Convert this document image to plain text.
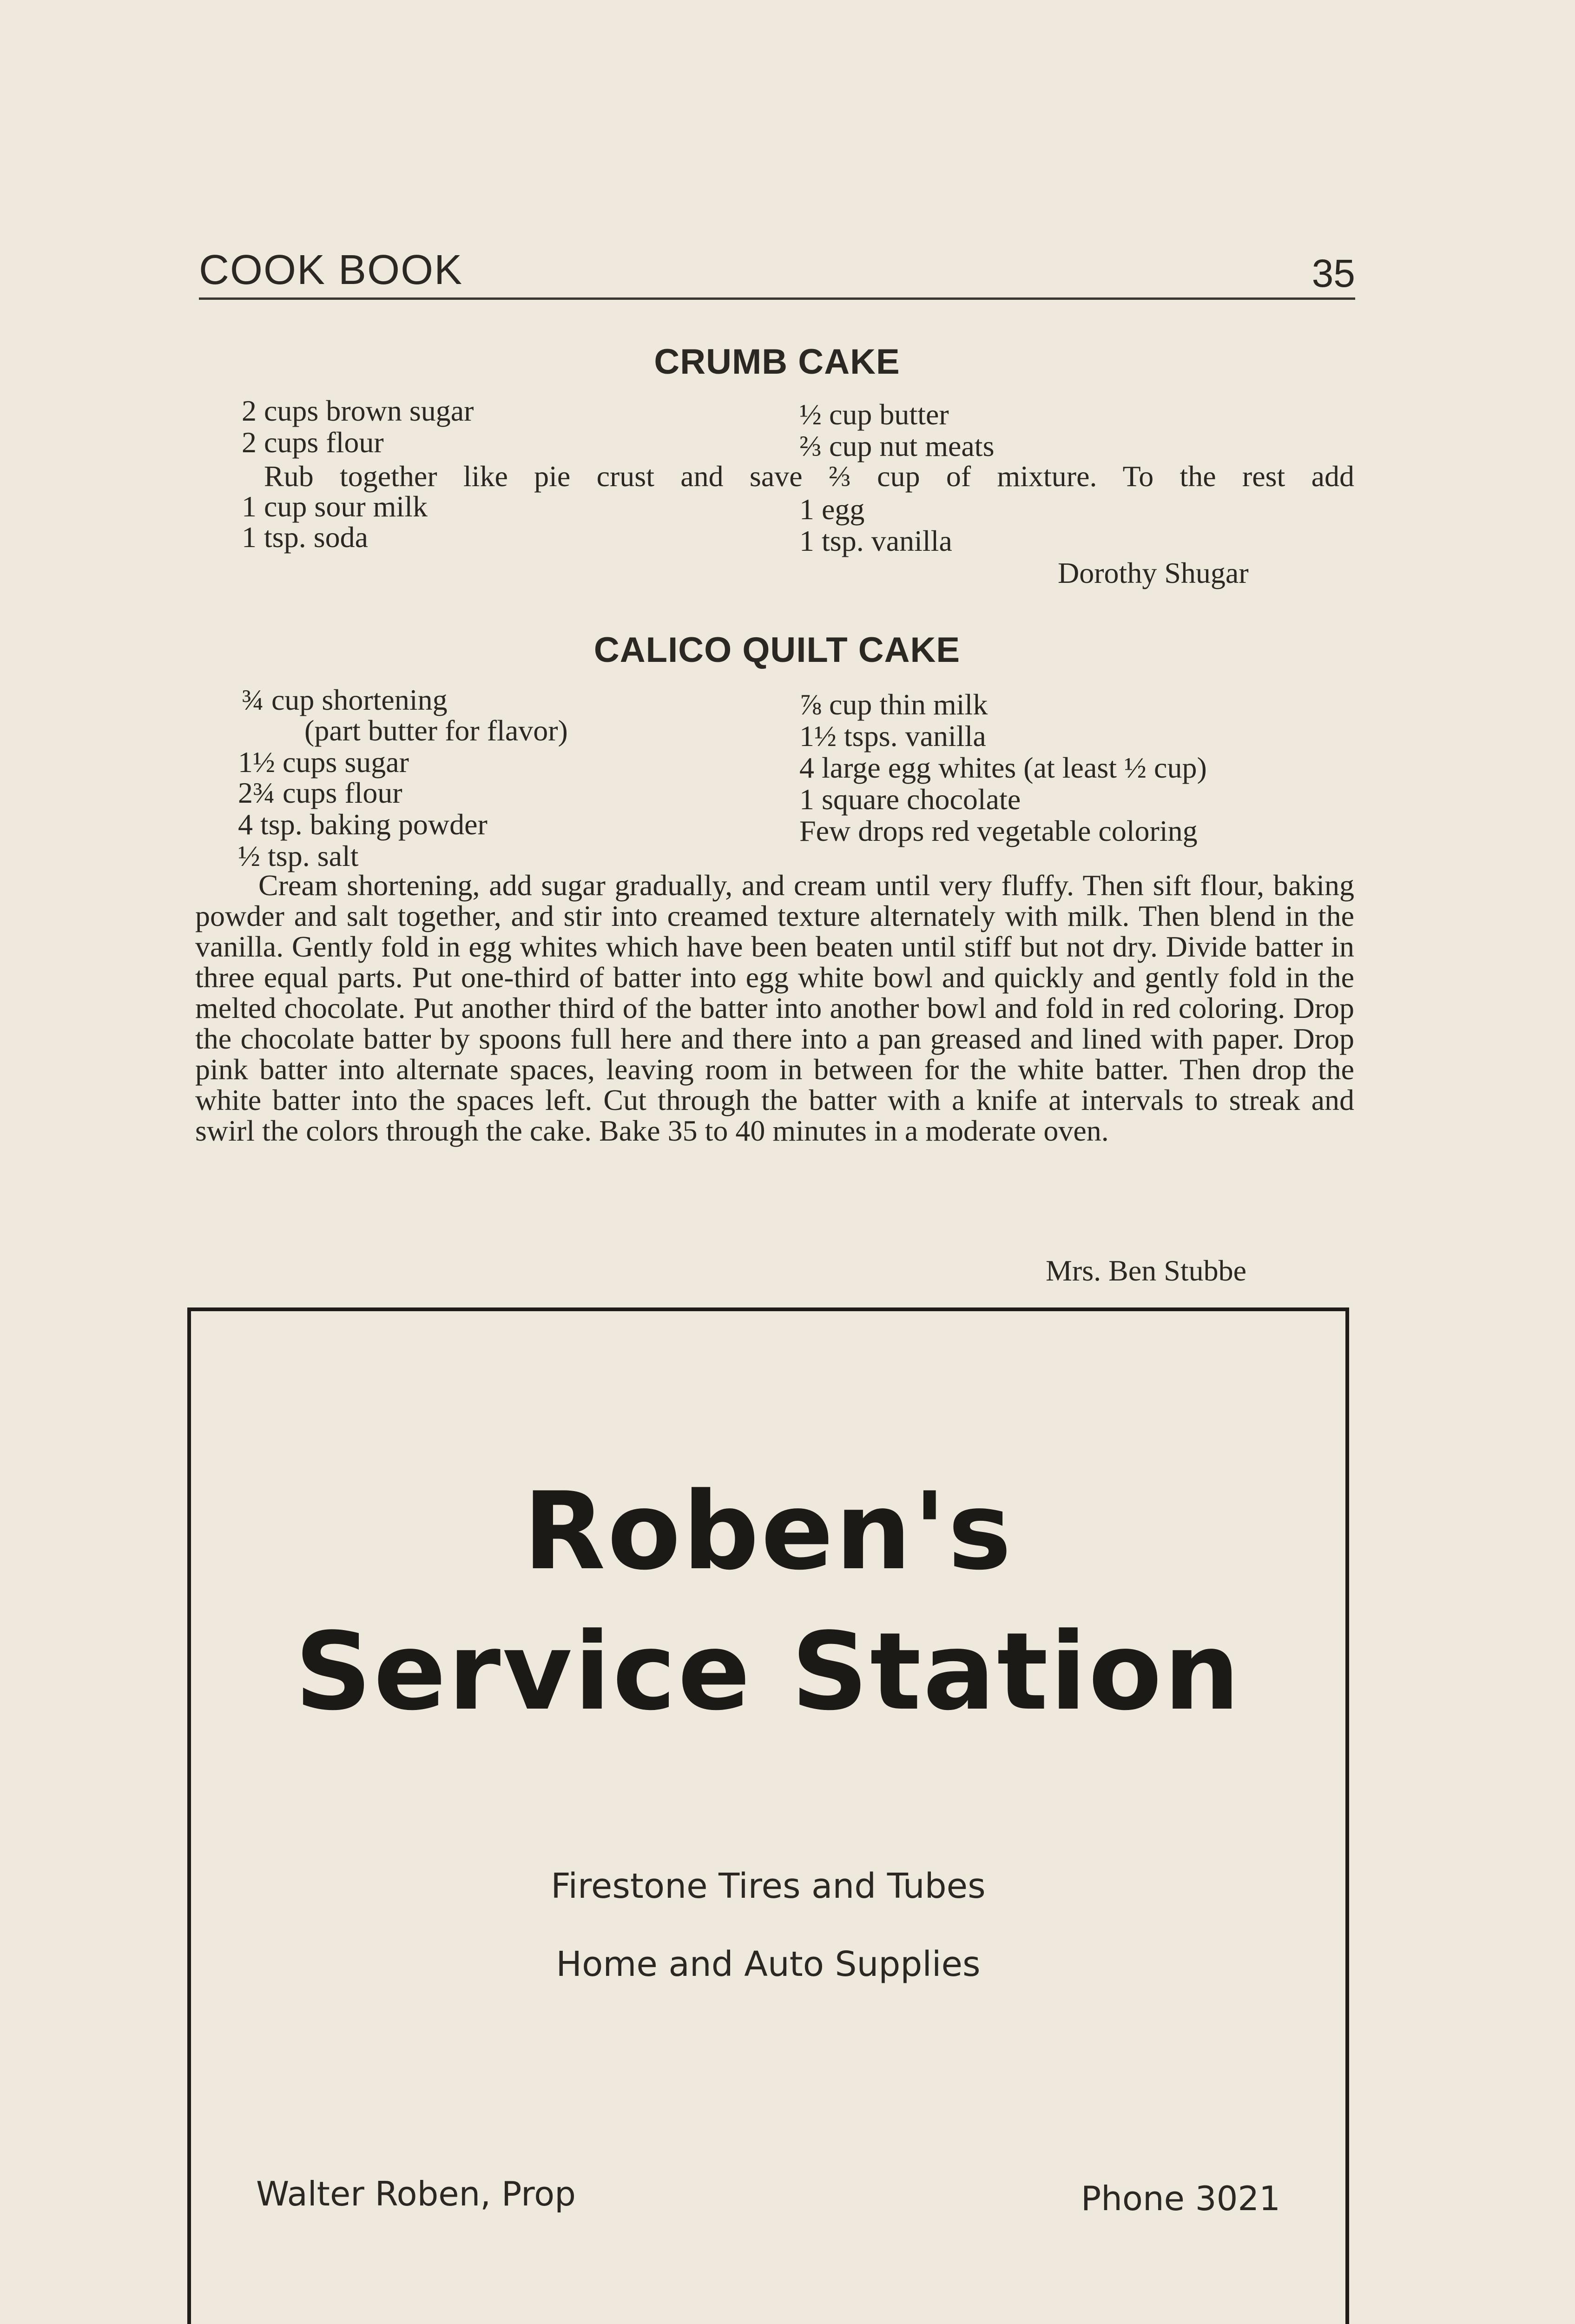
COOK BOOK	35
CRUMB CAKE
2 cups brown sugar
2 cups flour
½ cup butter
⅔ cup nut meats
Rub together like pie crust and save ⅔ cup of mixture. To the rest add
1 cup sour milk
1 tsp. soda
1 egg
1 tsp. vanilla
Dorothy Shugar
CALICO QUILT CAKE
¾ cup shortening
(part butter for flavor)
1½ cups sugar
2¾ cups flour
4 tsp. baking powder
½ tsp. salt
⅞ cup thin milk
1½ tsps. vanilla
4 large egg whites (at least ½ cup)
1 square chocolate
Few drops red vegetable coloring
Cream shortening, add sugar gradually, and cream until very fluffy. Then sift flour, baking powder and salt together, and stir into creamed texture alternately with milk. Then blend in the vanilla. Gently fold in egg whites which have been beaten until stiff but not dry. Divide batter in three equal parts. Put one-third of batter into egg white bowl and quickly and gently fold in the melted chocolate. Put another third of the batter into another bowl and fold in red coloring. Drop the chocolate batter by spoons full here and there into a pan greased and lined with paper. Drop pink batter into alternate spaces, leaving room in between for the white batter. Then drop the white batter into the spaces left. Cut through the batter with a knife at intervals to streak and swirl the colors through the cake. Bake 35 to 40 minutes in a moderate oven.
Mrs. Ben Stubbe
Roben's
Service Station
Firestone Tires and Tubes
Home and Auto Supplies
Walter Roben, Prop	Phone 3021
